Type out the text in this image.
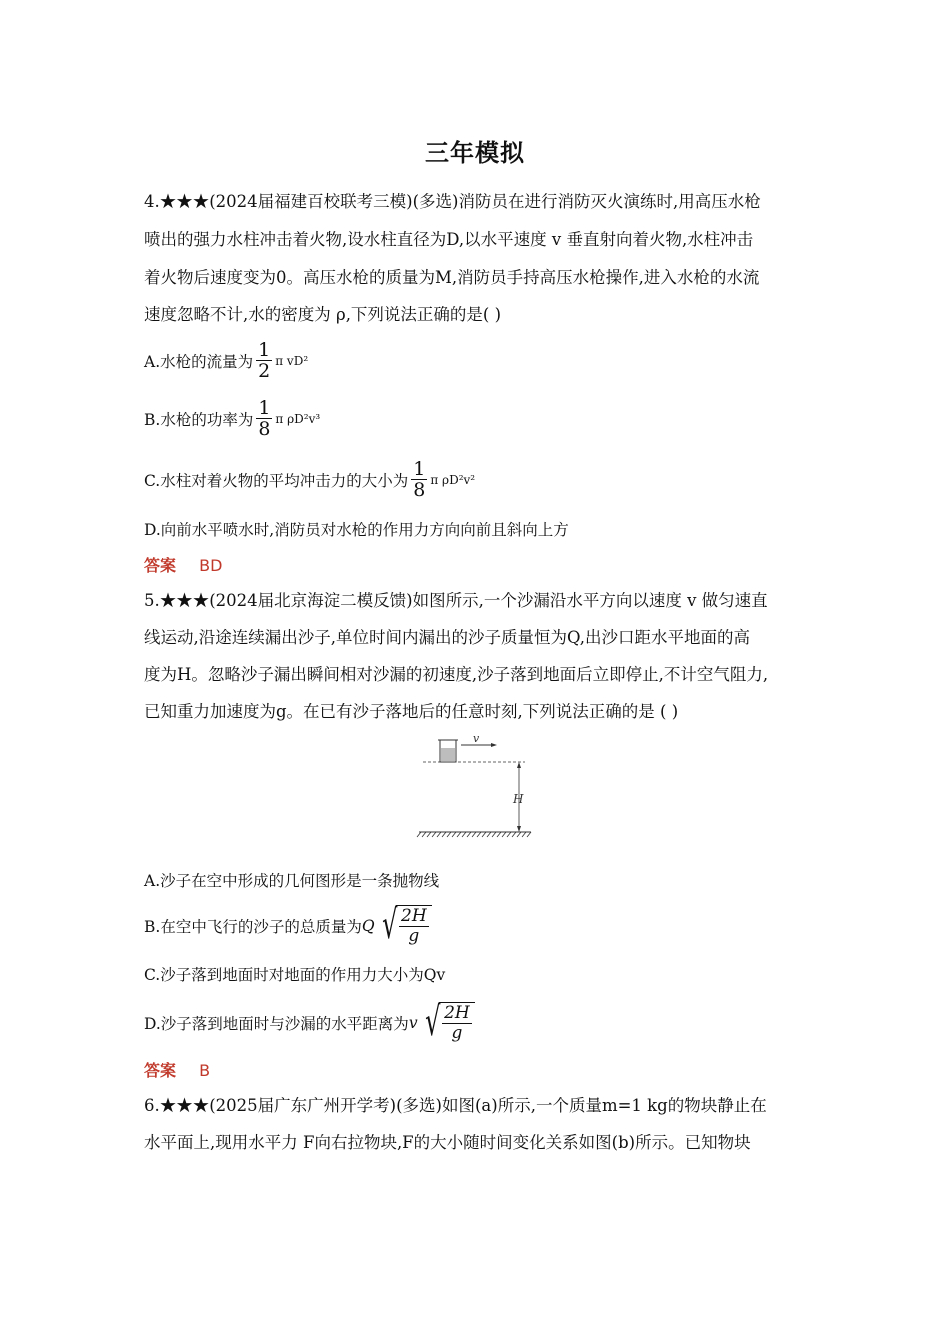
三年模拟
4.★★★(2024届福建百校联考三模)(多选)消防员在进行消防灭火演练时,用高压水枪
喷出的强力水柱冲击着火物,设水柱直径为D,以水平速度 v 垂直射向着火物,水柱冲击
着火物后速度变为0。高压水枪的质量为M,消防员手持高压水枪操作,进入水枪的水流
速度忽略不计,水的密度为 ρ,下列说法正确的是( )
A.水枪的流量为 $\frac{1}{2}$ π vD²
B.水枪的功率为 $\frac{1}{8}$ π ρD²v³
C.水柱对着火物的平均冲击力的大小为 $\frac{1}{8}$ π ρD²v²
D.向前水平喷水时,消防员对水枪的作用力方向向前且斜向上方
答案 BD
5.★★★(2024届北京海淀二模反馈)如图所示,一个沙漏沿水平方向以速度 v 做匀速直
线运动,沿途连续漏出沙子,单位时间内漏出的沙子质量恒为Q,出沙口距水平地面的高
度为H。忽略沙子漏出瞬间相对沙漏的初速度,沙子落到地面后立即停止,不计空气阻力,
已知重力加速度为g。在已有沙子落地后的任意时刻,下列说法正确的是 ( )
v
H
A.沙子在空中形成的几何图形是一条抛物线
B.在空中飞行的沙子的总质量为 Q √ $\frac{2H}{g}$
C.沙子落到地面时对地面的作用力大小为Qv
D.沙子落到地面时与沙漏的水平距离为 v √ $\frac{2H}{g}$
答案 B
6.★★★(2025届广东广州开学考)(多选)如图(a)所示,一个质量m=1 kg的物块静止在
水平面上,现用水平力 F向右拉物块,F的大小随时间变化关系如图(b)所示。已知物块
